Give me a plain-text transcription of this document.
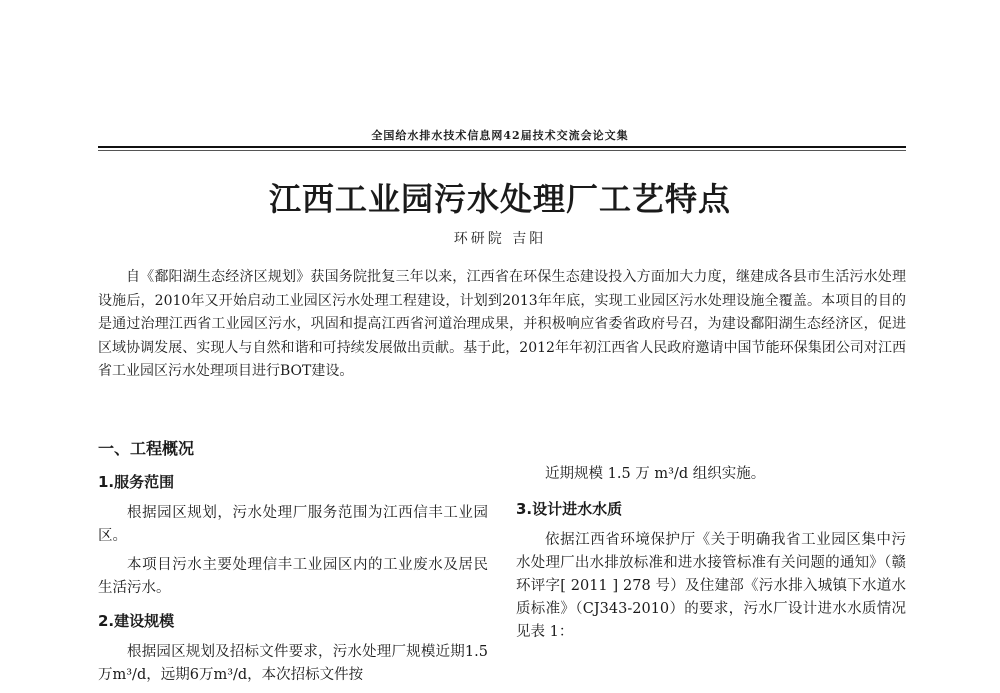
全国给水排水技术信息网42届技术交流会论文集
江西工业园污水处理厂工艺特点
环研院 吉阳

自《鄱阳湖生态经济区规划》获国务院批复三年以来，江西省在环保生态建设投入方面加大力度，继建成各县市生活污水处理设施后，2010年又开始启动工业园区污水处理工程建设，计划到2013年年底，实现工业园区污水处理设施全覆盖。本项目的目的是通过治理江西省工业园区污水，巩固和提高江西省河道治理成果，并积极响应省委省政府号召，为建设鄱阳湖生态经济区，促进区域协调发展、实现人与自然和谐和可持续发展做出贡献。基于此，2012年年初江西省人民政府邀请中国节能环保集团公司对江西省工业园区污水处理项目进行BOT建设。

一、工程概况
1.服务范围

根据园区规划，污水处理厂服务范围为江西信丰工业园区。

本项目污水主要处理信丰工业园区内的工业废水及居民生活污水。

2.建设规模

根据园区规划及招标文件要求，污水处理厂规模近期1.5万m³/d，远期6万m³/d，本次招标文件按

近期规模 1.5 万 m³/d 组织实施。

3.设计进水水质

依据江西省环境保护厅《关于明确我省工业园区集中污水处理厂出水排放标准和进水接管标准有关问题的通知》（赣环评字[ 2011 ] 278 号）及住建部《污水排入城镇下水道水质标准》（CJ343-2010）的要求，污水厂设计进水水质情况见表 1：
